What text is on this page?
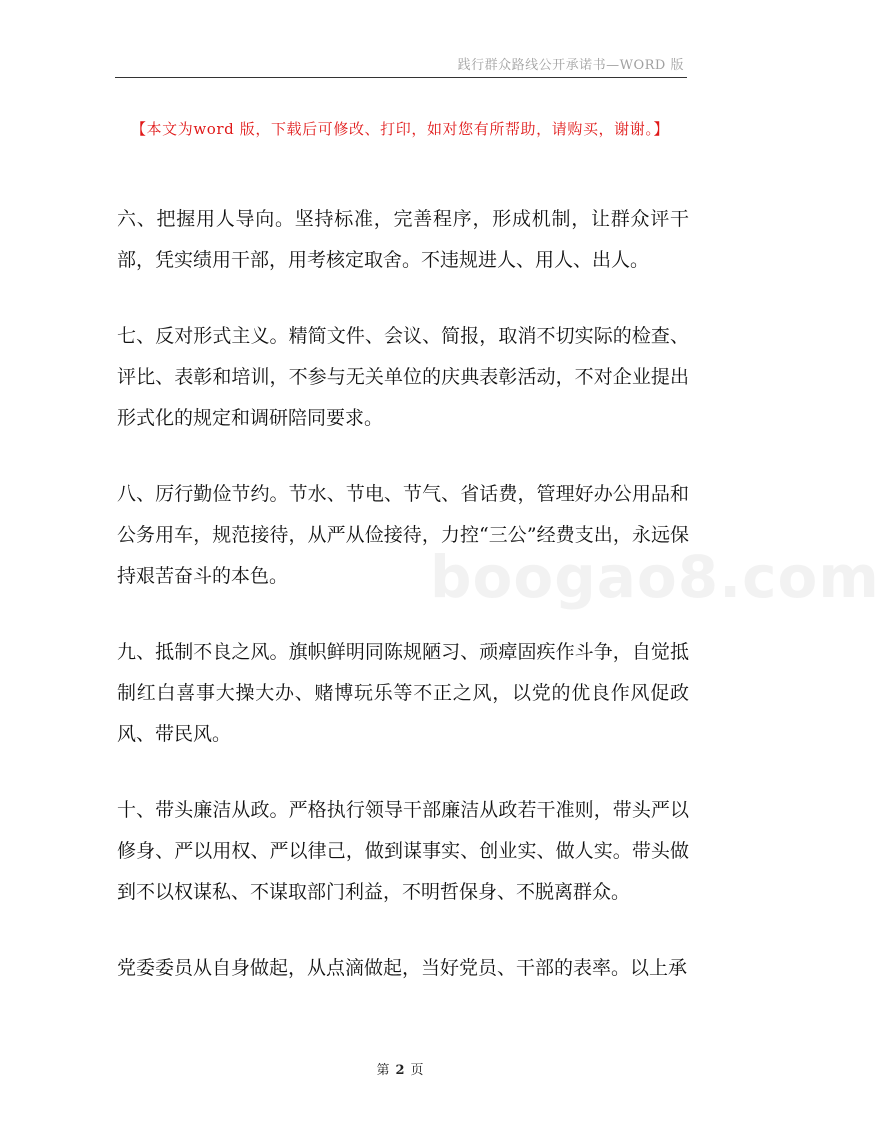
践行群众路线公开承诺书—WORD 版
【本文为word 版，下载后可修改、打印，如对您有所帮助，请购买，谢谢。】
boogao8.com

六、把握用人导向。坚持标准，完善程序，形成机制，让群众评干部，凭实绩用干部，用考核定取舍。不违规进人、用人、出人。

七、反对形式主义。精简文件、会议、简报，取消不切实际的检查、评比、表彰和培训，不参与无关单位的庆典表彰活动，不对企业提出形式化的规定和调研陪同要求。

八、厉行勤俭节约。节水、节电、节气、省话费，管理好办公用品和公务用车，规范接待，从严从俭接待，力控“三公”经费支出，永远保持艰苦奋斗的本色。

九、抵制不良之风。旗帜鲜明同陈规陋习、顽瘴固疾作斗争，自觉抵制红白喜事大操大办、赌博玩乐等不正之风，以党的优良作风促政风、带民风。

十、带头廉洁从政。严格执行领导干部廉洁从政若干准则，带头严以修身、严以用权、严以律己，做到谋事实、创业实、做人实。带头做到不以权谋私、不谋取部门利益，不明哲保身、不脱离群众。

党委委员从自身做起，从点滴做起，当好党员、干部的表率。以上承

第 2 页
